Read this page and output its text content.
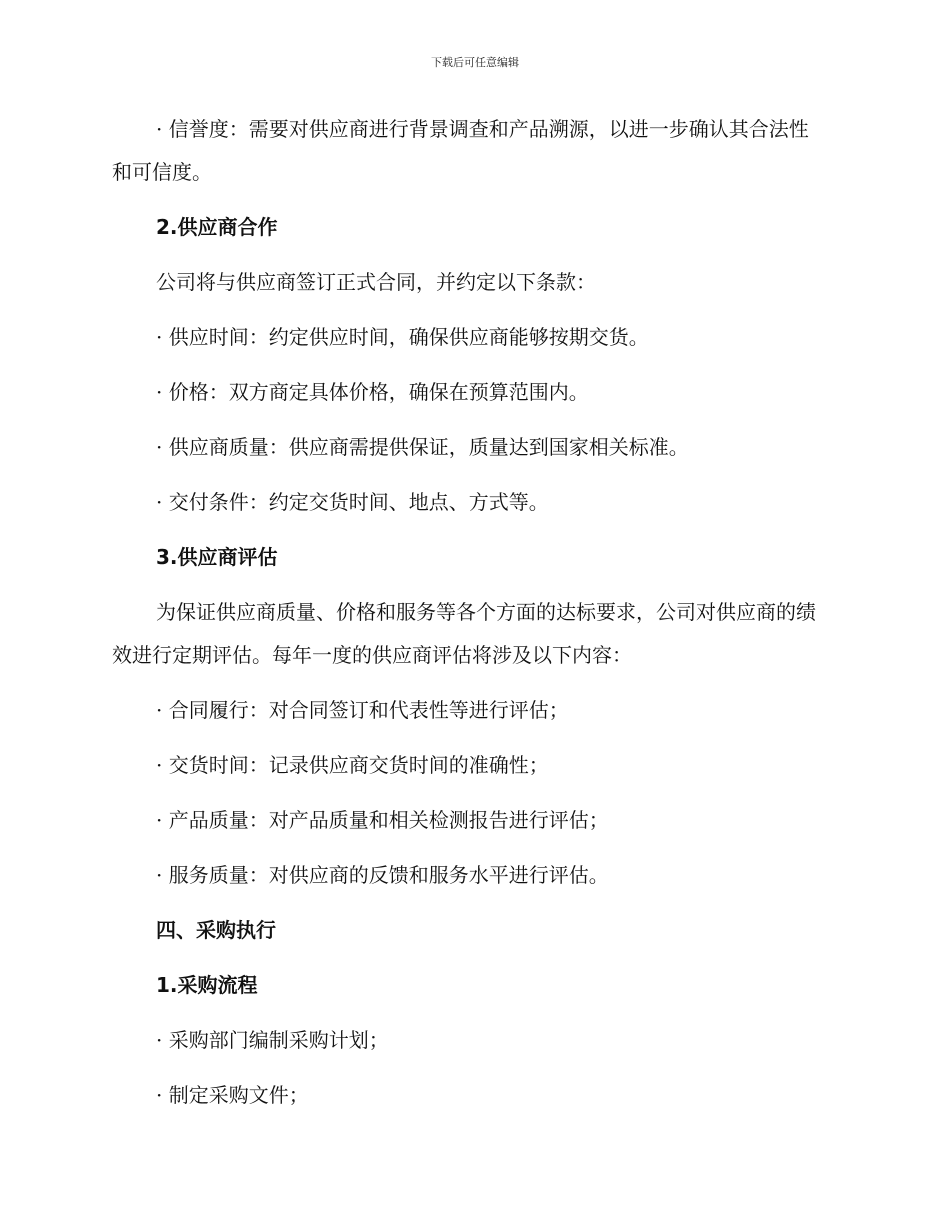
下载后可任意编辑

· 信誉度：需要对供应商进行背景调查和产品溯源，以进一步确认其合法性和可信度。

2.供应商合作

公司将与供应商签订正式合同，并约定以下条款：

· 供应时间：约定供应时间，确保供应商能够按期交货。

· 价格：双方商定具体价格，确保在预算范围内。

· 供应商质量：供应商需提供保证，质量达到国家相关标准。

· 交付条件：约定交货时间、地点、方式等。

3.供应商评估

为保证供应商质量、价格和服务等各个方面的达标要求，公司对供应商的绩效进行定期评估。每年一度的供应商评估将涉及以下内容：

· 合同履行：对合同签订和代表性等进行评估；

· 交货时间：记录供应商交货时间的准确性；

· 产品质量：对产品质量和相关检测报告进行评估；

· 服务质量：对供应商的反馈和服务水平进行评估。

四、采购执行
1.采购流程

· 采购部门编制采购计划；

· 制定采购文件；
